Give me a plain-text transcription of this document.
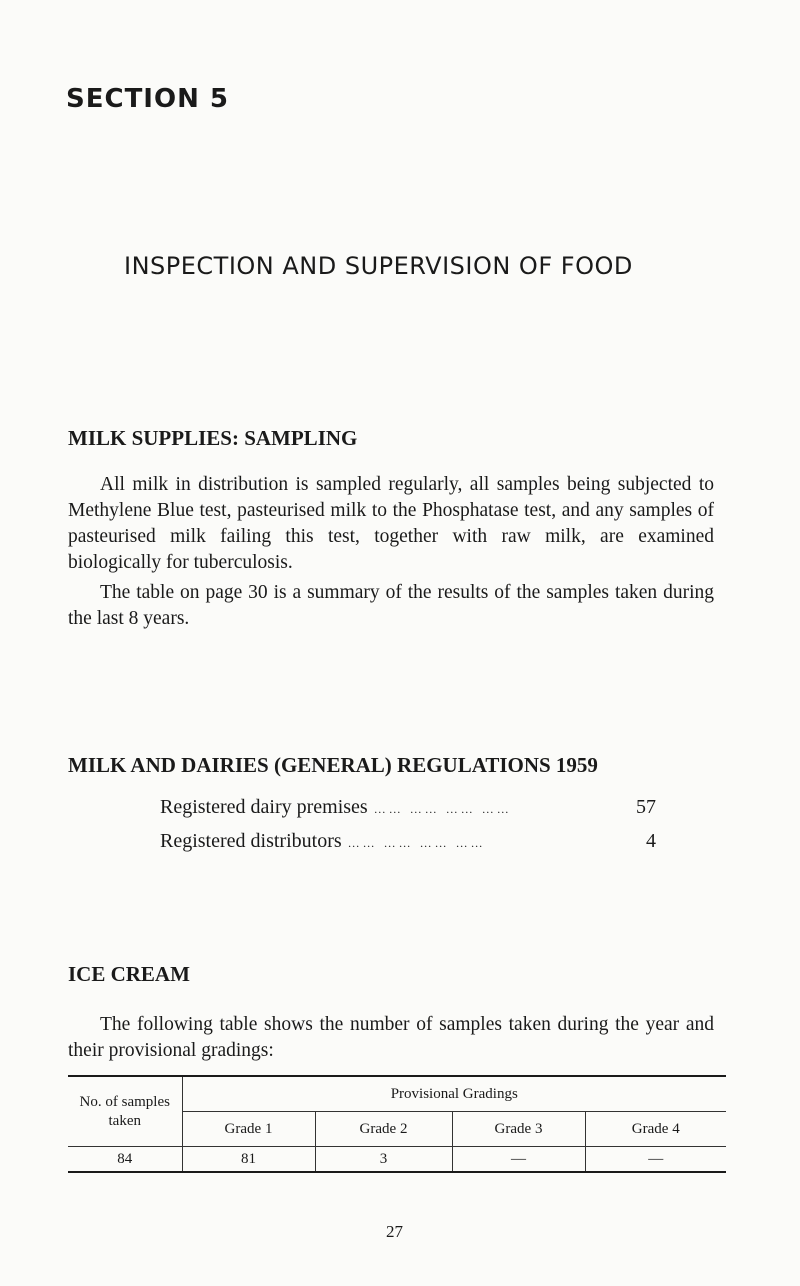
SECTION 5
INSPECTION AND SUPERVISION OF FOOD
MILK SUPPLIES: SAMPLING

All milk in distribution is sampled regularly, all samples being subjected to Methylene Blue test, pasteurised milk to the Phosphatase test, and any samples of pasteurised milk failing this test, together with raw milk, are examined biologically for tuberculosis.

The table on page 30 is a summary of the results of the samples taken during the last 8 years.

MILK AND DAIRIES (GENERAL) REGULATIONS 1959
Registered dairy premises …… …… …… ……	57
Registered distributors …… …… …… ……	4
ICE CREAM

The following table shows the number of samples taken during the year and their provisional gradings:

No. of samples taken	Provisional Gradings			
	Grade 1	Grade 2	Grade 3	Grade 4
84	81	3	—	—
27
